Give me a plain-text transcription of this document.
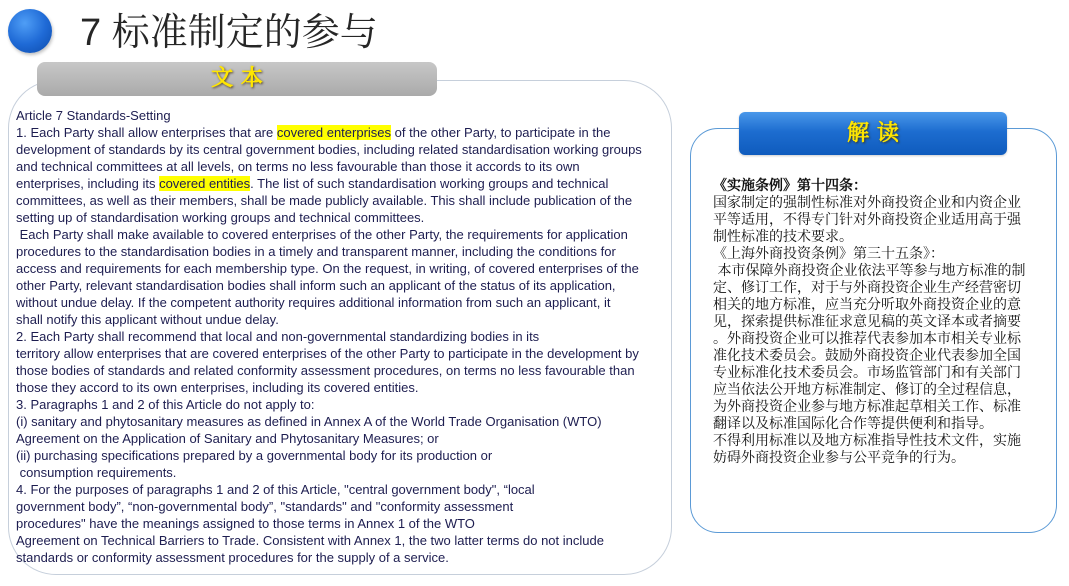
7 标准制定的参与
文 本
Article 7 Standards-Setting
1. Each Party shall allow enterprises that are covered enterprises of the other Party, to participate in the
development of standards by its central government bodies, including related standardisation working groups
and technical committees at all levels, on terms no less favourable than those it accords to its own
enterprises, including its covered entities. The list of such standardisation working groups and technical
committees, as well as their members, shall be made publicly available. This shall include publication of the
setting up of standardisation working groups and technical committees.
Each Party shall make available to covered enterprises of the other Party, the requirements for application
procedures to the standardisation bodies in a timely and transparent manner, including the conditions for
access and requirements for each membership type. On the request, in writing, of covered enterprises of the
other Party, relevant standardisation bodies shall inform such an applicant of the status of its application,
without undue delay. If the competent authority requires additional information from such an applicant, it
shall notify this applicant without undue delay.
2. Each Party shall recommend that local and non-governmental standardizing bodies in its
territory allow enterprises that are covered enterprises of the other Party to participate in the development by
those bodies of standards and related conformity assessment procedures, on terms no less favourable than
those they accord to its own enterprises, including its covered entities.
3. Paragraphs 1 and 2 of this Article do not apply to:
(i) sanitary and phytosanitary measures as defined in Annex A of the World Trade Organisation (WTO)
Agreement on the Application of Sanitary and Phytosanitary Measures; or
(ii) purchasing specifications prepared by a governmental body for its production or
consumption requirements.
4. For the purposes of paragraphs 1 and 2 of this Article, "central government body", “local
government body”, “non-governmental body”, "standards" and "conformity assessment
procedures" have the meanings assigned to those terms in Annex 1 of the WTO
Agreement on Technical Barriers to Trade. Consistent with Annex 1, the two latter terms do not include
standards or conformity assessment procedures for the supply of a service.
解 读
《实施条例》第十四条：
国家制定的强制性标准对外商投资企业和内资企业
平等适用，不得专门针对外商投资企业适用高于强
制性标准的技术要求。
《上海外商投资条例》第三十五条》：
本市保障外商投资企业依法平等参与地方标准的制
定、修订工作，对于与外商投资企业生产经营密切
相关的地方标准，应当充分听取外商投资企业的意
见，探索提供标准征求意见稿的英文译本或者摘要
。外商投资企业可以推荐代表参加本市相关专业标
准化技术委员会。鼓励外商投资企业代表参加全国
专业标准化技术委员会。市场监管部门和有关部门
应当依法公开地方标准制定、修订的全过程信息，
为外商投资企业参与地方标准起草相关工作、标准
翻译以及标准国际化合作等提供便利和指导。
不得利用标准以及地方标准指导性技术文件，实施
妨碍外商投资企业参与公平竞争的行为。
